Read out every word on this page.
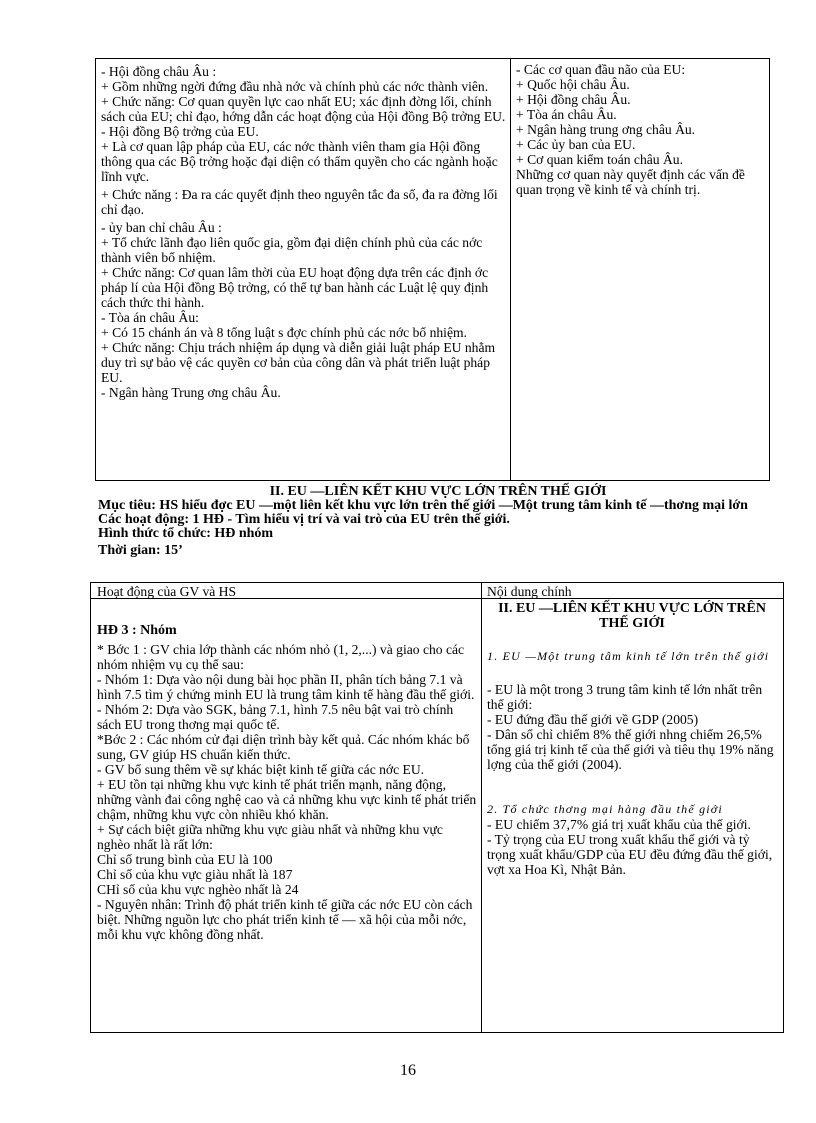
- Hội đồng châu Âu :

+ Gồm những ngời đứng đầu nhà nớc và chính phủ các nớc thành viên.

+ Chức năng: Cơ quan quyền lực cao nhất EU; xác định đờng lối, chính sách của EU; chỉ đạo, hớng dẫn các hoạt động của Hội đồng Bộ trởng EU.

- Hội đồng Bộ trởng của EU.

+ Là cơ quan lập pháp của EU, các nớc thành viên tham gia Hội đồng thông qua các Bộ trởng hoặc đại diện có thẩm quyền cho các ngành hoặc lĩnh vực.

+ Chức năng : Đa ra các quyết định theo nguyên tắc đa số, đa ra đờng lối chỉ đạo.

- ủy ban chỉ châu Âu :

+ Tổ chức lãnh đạo liên quốc gia, gồm đại diện chính phủ của các nớc thành viên bổ nhiệm.

+ Chức năng: Cơ quan lâm thời của EU hoạt động dựa trên các định ớc pháp lí của Hội đồng Bộ trởng, có thể tự ban hành các Luật lệ quy định cách thức thi hành.

- Tòa án châu Âu:

+ Có 15 chánh án và 8 tổng luật s đợc chính phủ các nớc bổ nhiệm.

+ Chức năng: Chịu trách nhiệm áp dụng và diễn giải luật pháp EU nhằm duy trì sự bảo vệ các quyền cơ bản của công dân và phát triển luật pháp EU.

- Ngân hàng Trung ơng châu Âu.

- Các cơ quan đầu não của EU:

+ Quốc hội châu Âu.

+ Hội đồng châu Âu.

+ Tòa án châu Âu.

+ Ngân hàng trung ơng châu Âu.

+ Các ủy ban của EU.

+ Cơ quan kiểm toán châu Âu.

Những cơ quan này quyết định các vấn đề quan trọng về kinh tế và chính trị.

II. EU —LIÊN KẾT KHU VỰC LỚN TRÊN THẾ GIỚI

Mục tiêu: HS hiểu đợc EU —một liên kết khu vực lớn trên thế giới —Một trung tâm kinh tế —thơng mại lớn

Các hoạt động: 1 HĐ - Tìm hiểu vị trí và vai trò của EU trên thế giới.

Hình thức tổ chức: HĐ nhóm

Thời gian: 15’

Hoạt động của GV và HS	Nội dung chính

HĐ 3 : Nhóm

* Bớc 1 : GV chia lớp thành các nhóm nhỏ (1, 2,...) và giao cho các nhóm nhiệm vụ cụ thể sau:

- Nhóm 1: Dựa vào nội dung bài học phần II, phân tích bảng 7.1 và hình 7.5 tìm ý chứng minh EU là trung tâm kinh tế hàng đầu thế giới.

- Nhóm 2: Dựa vào SGK, bảng 7.1, hình 7.5 nêu bật vai trò chính sách EU trong thơng mại quốc tế.

*Bớc 2 : Các nhóm cử đại diện trình bày kết quả. Các nhóm khác bổ sung, GV giúp HS chuẩn kiến thức.

- GV bổ sung thêm về sự khác biệt kinh tế giữa các nớc EU.

+ EU tồn tại những khu vực kinh tế phát triển mạnh, năng động, những vành đai công nghệ cao và cả những khu vực kinh tế phát triển chậm, những khu vực còn nhiều khó khăn.

+ Sự cách biệt giữa những khu vực giàu nhất và những khu vực nghèo nhất là rất lớn:

Chỉ số trung bình của EU là 100

Chỉ số của khu vực giàu nhất là 187

CHỉ số của khu vực nghèo nhất là 24

- Nguyên nhân: Trình độ phát triển kinh tế giữa các nớc EU còn cách biệt. Những nguồn lực cho phát triển kinh tế — xã hội của mỗi nớc, mỗi khu vực không đồng nhất.

II. EU —LIÊN KẾT KHU VỰC LỚN TRÊN THẾ GIỚI

1. EU —Một trung tâm kinh tế lớn trên thế giới

- EU là một trong 3 trung tâm kinh tế lớn nhất trên thế giới:

- EU đứng đầu thế giới về GDP (2005)

- Dân số chỉ chiếm 8% thế giới nhng chiếm 26,5% tổng giá trị kinh tế của thế giới và tiêu thụ 19% năng lợng của thế giới (2004).

2. Tổ chức thơng mại hàng đầu thế giới

- EU chiếm 37,7% giá trị xuất khẩu của thế giới.

- Tỷ trọng của EU trong xuất khẩu thế giới và tỷ trọng xuất khẩu/GDP của EU đều đứng đầu thế giới, vợt xa Hoa Kì, Nhật Bản.

16
